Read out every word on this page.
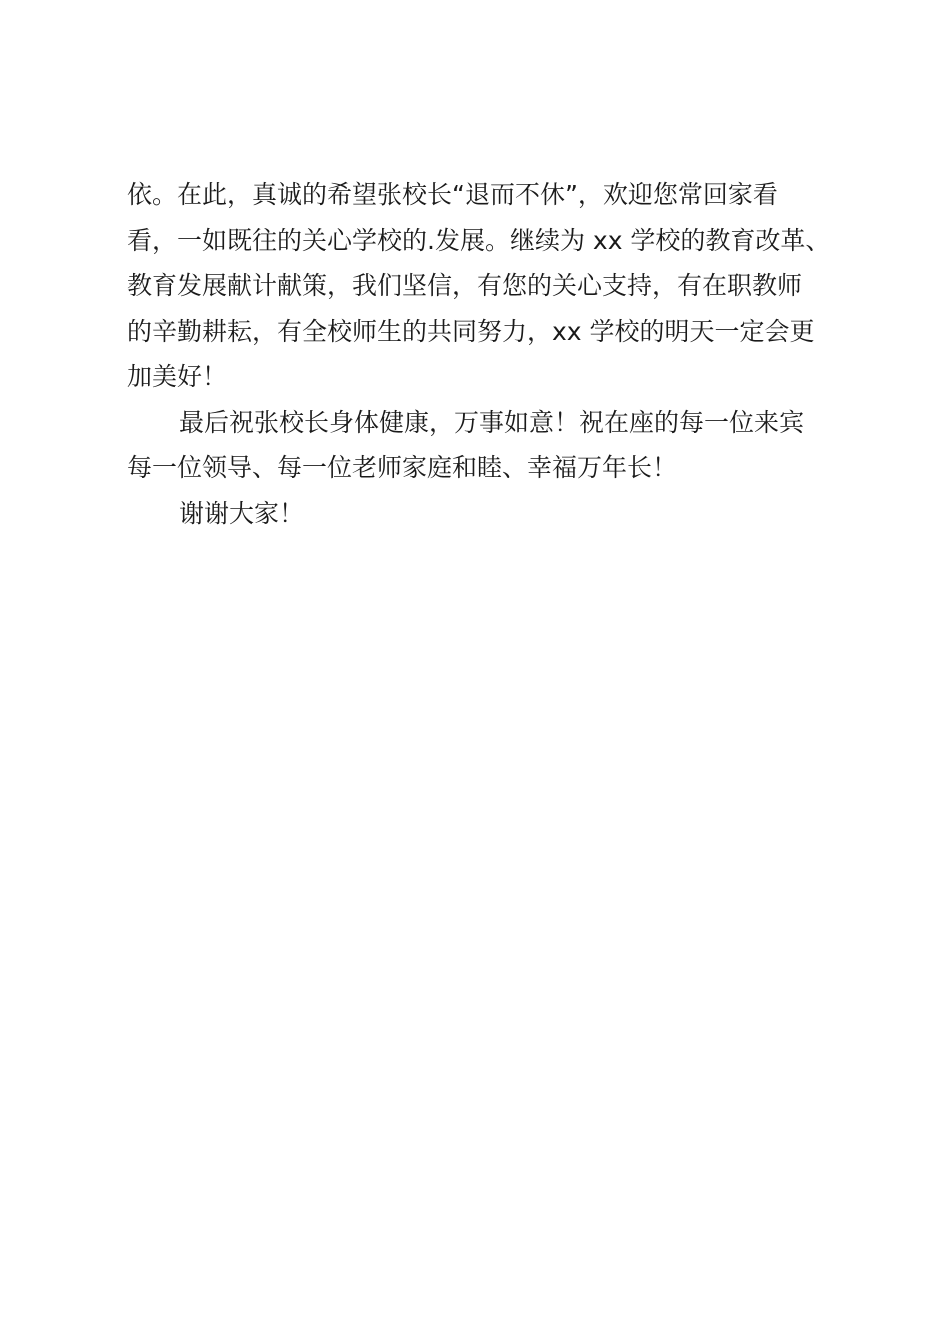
依。在此，真诚的希望张校长“退而不休”，欢迎您常回家看
看，一如既往的关心学校的.发展。继续为 xx 学校的教育改革、
教育发展献计献策，我们坚信，有您的关心支持，有在职教师
的辛勤耕耘，有全校师生的共同努力，xx 学校的明天一定会更
加美好！
最后祝张校长身体健康，万事如意！祝在座的每一位来宾
每一位领导、每一位老师家庭和睦、幸福万年长！
谢谢大家！
